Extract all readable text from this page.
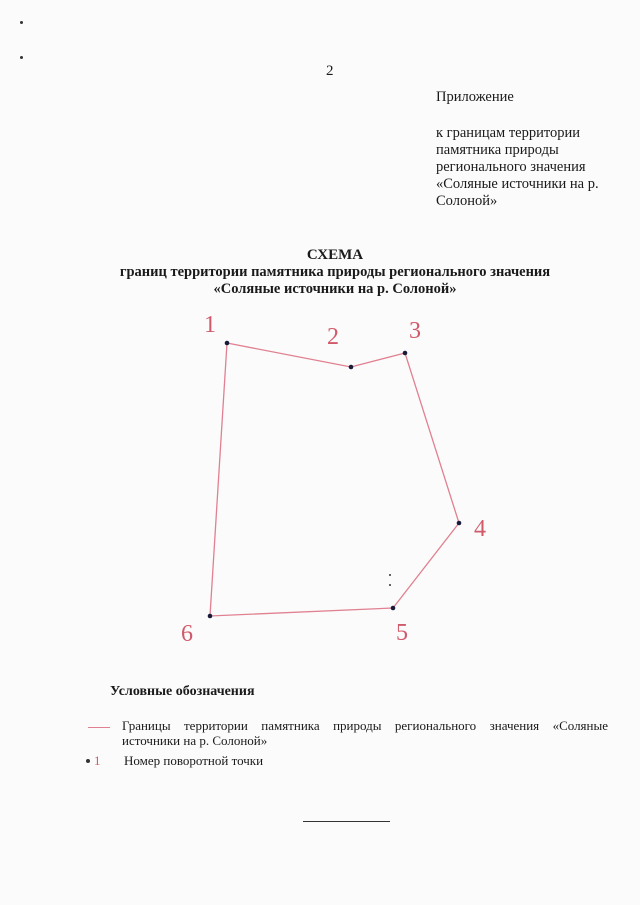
2
Приложение
к границам территории памятника природы регионального значения «Соляные источники на р. Солоной»
СХЕМА
границ территории памятника природы регионального значения
«Соляные источники на р. Солоной»
1	2	3
4
5
6
Условные обозначения
Границы территории памятника природы регионального значения «Соляные источники на р. Солоной»
1 Номер поворотной точки
